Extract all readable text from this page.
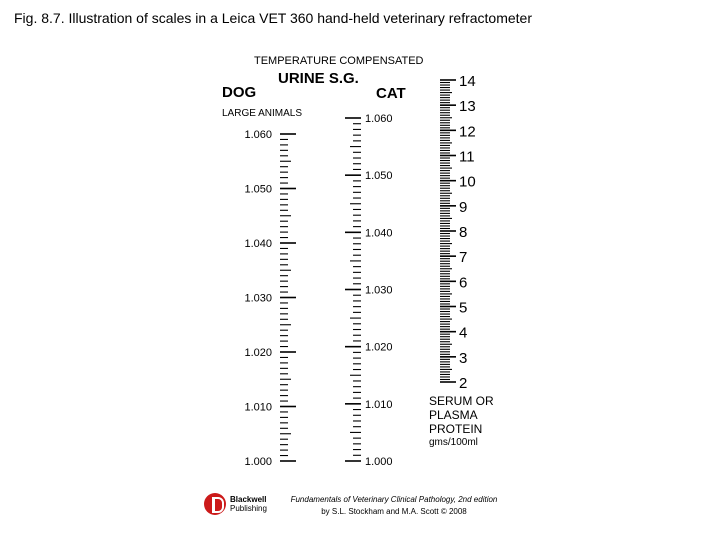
Fig. 8.7. Illustration of scales in a Leica VET 360 hand-held veterinary refractometer
TEMPERATURE COMPENSATED
URINE S.G.
DOG
LARGE ANIMALS
CAT
1.060
1.050
1.040
1.030
1.020
1.010
1.000
1.060
1.050
1.040
1.030
1.020
1.010
1.000
14
13
12
11
10
9
8
7
6
5
4
3
2
SERUM OR
PLASMA
PROTEIN
gms/100ml
Blackwell
Publishing
Fundamentals of Veterinary Clinical Pathology, 2nd edition
by S.L. Stockham and M.A. Scott © 2008
